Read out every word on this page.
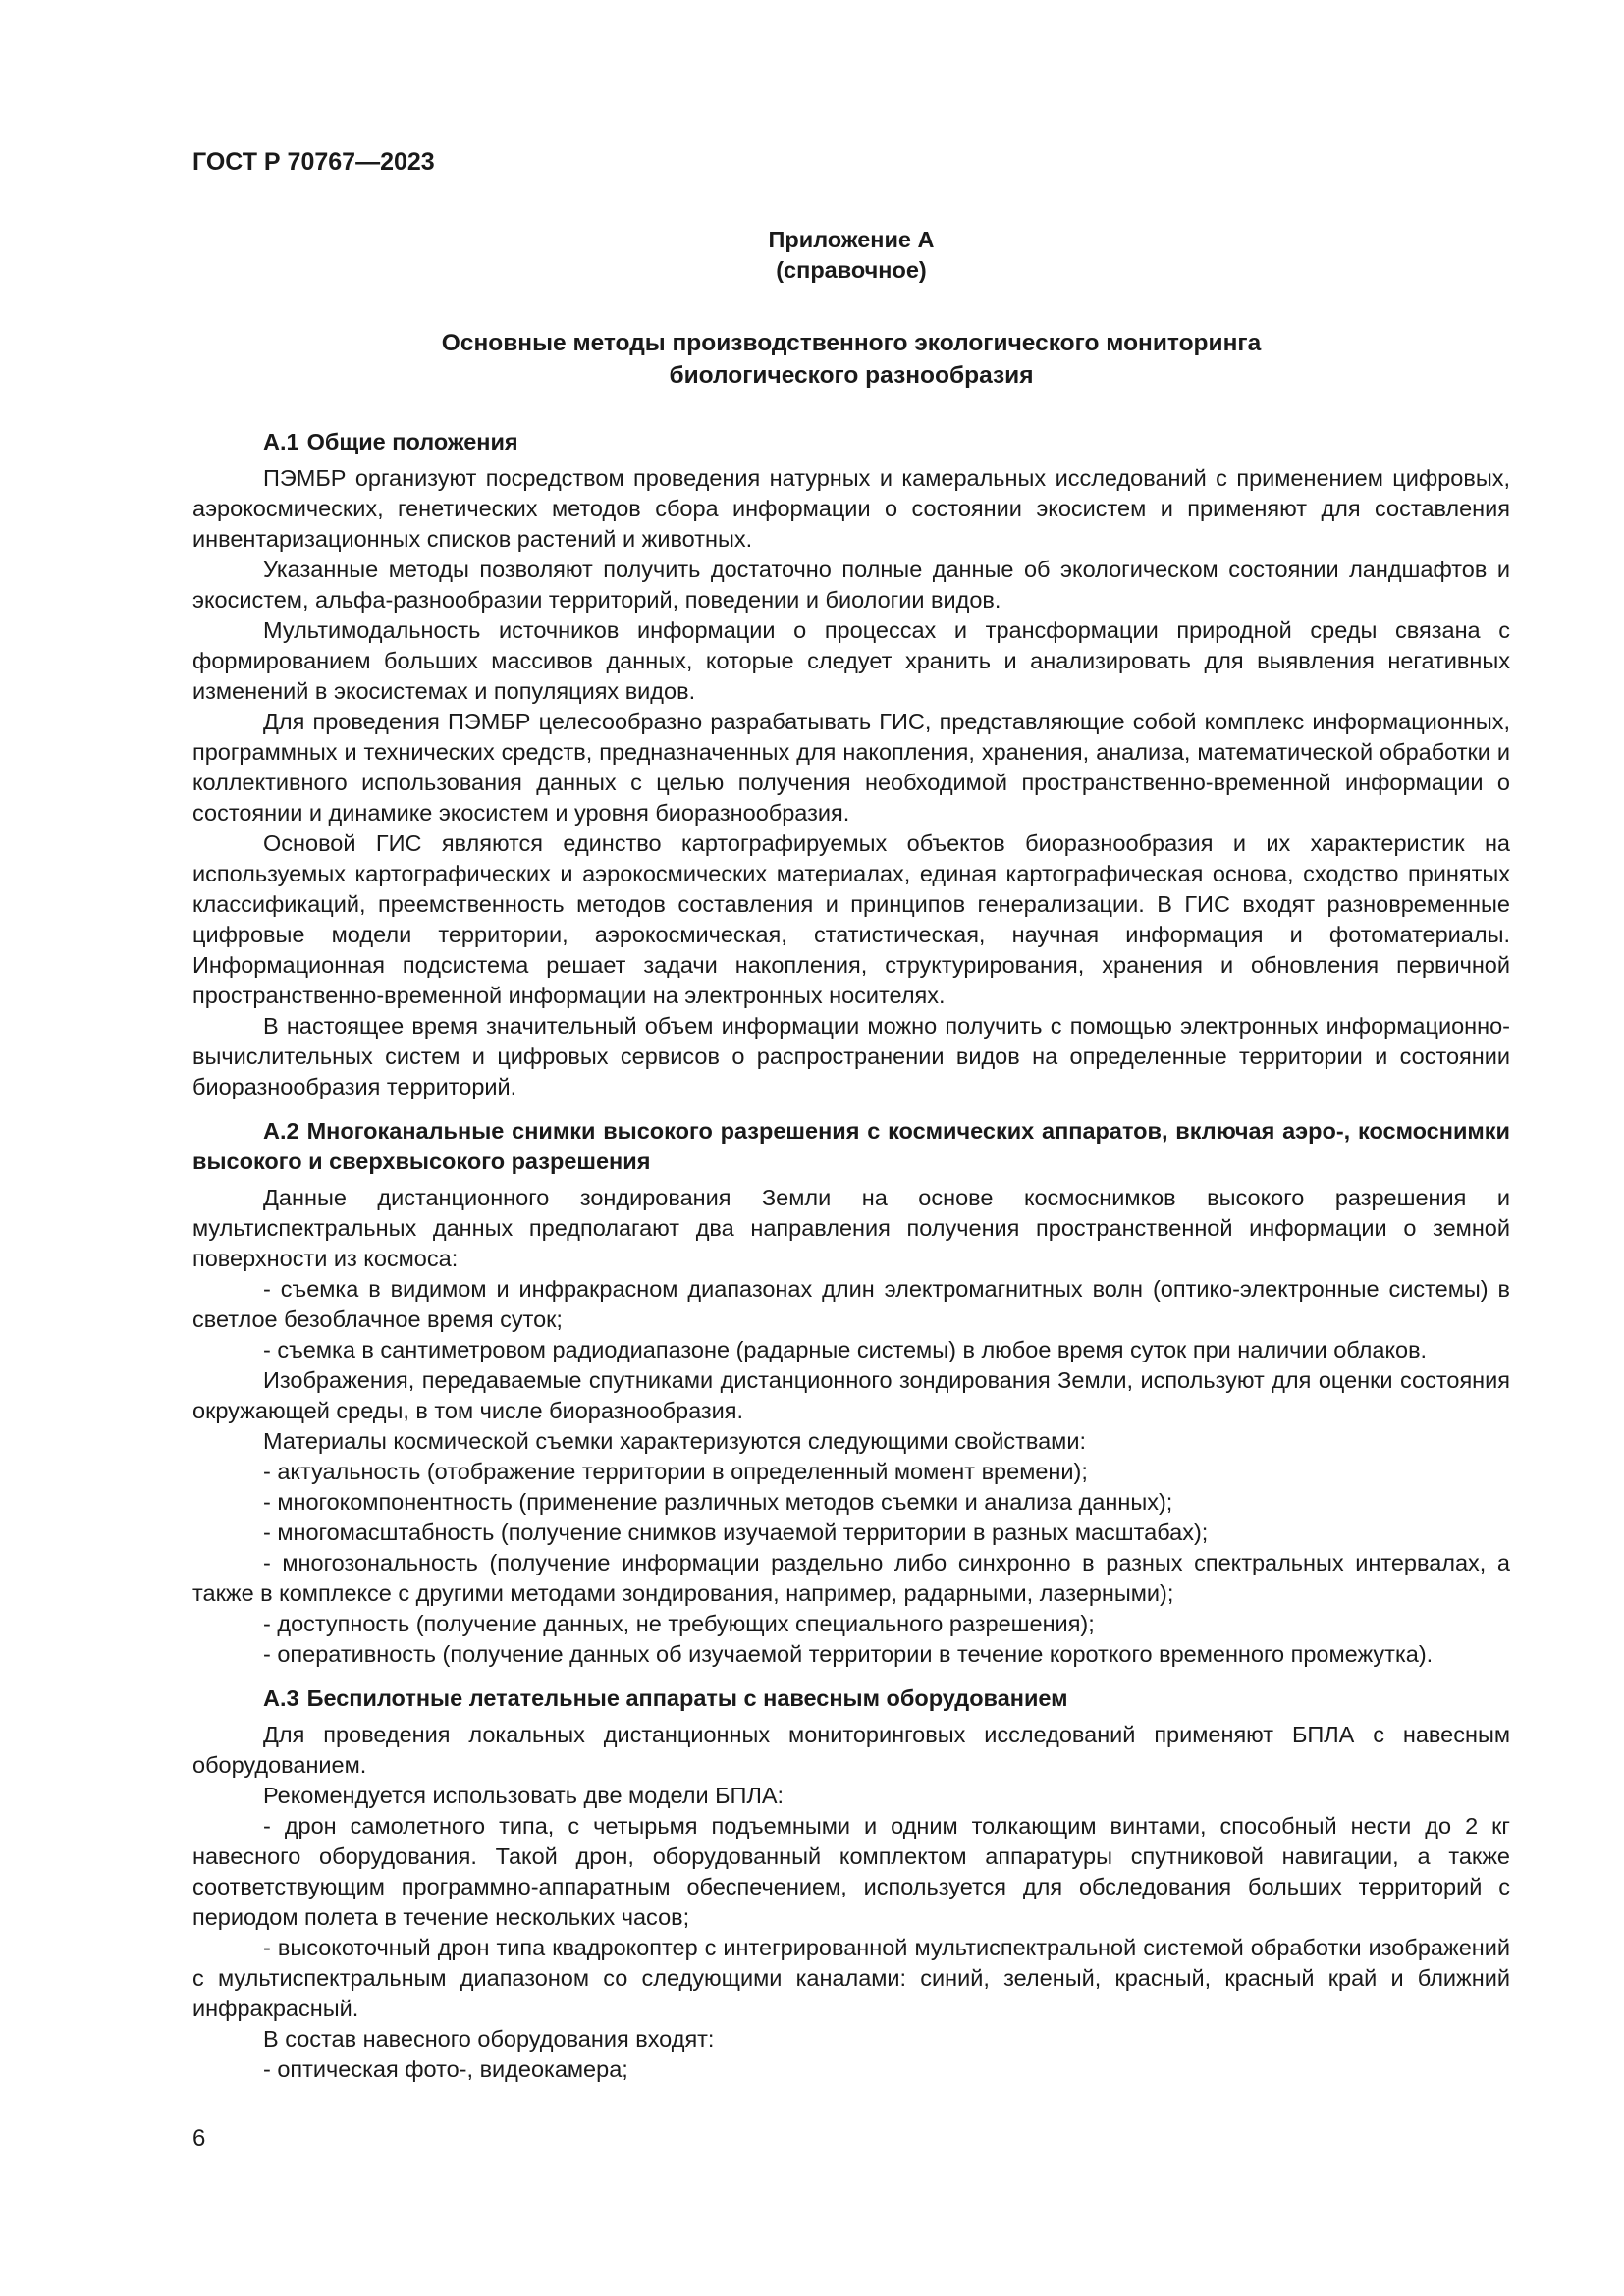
ГОСТ Р 70767—2023
Приложение А
(справочное)
Основные методы производственного экологического мониторинга
биологического разнообразия
А.1 Общие положения

ПЭМБР организуют посредством проведения натурных и камеральных исследований с применением цифровых, аэрокосмических, генетических методов сбора информации о состоянии экосистем и применяют для составления инвентаризационных списков растений и животных.

Указанные методы позволяют получить достаточно полные данные об экологическом состоянии ландшафтов и экосистем, альфа-разнообразии территорий, поведении и биологии видов.

Мультимодальность источников информации о процессах и трансформации природной среды связана с формированием больших массивов данных, которые следует хранить и анализировать для выявления негативных изменений в экосистемах и популяциях видов.

Для проведения ПЭМБР целесообразно разрабатывать ГИС, представляющие собой комплекс информационных, программных и технических средств, предназначенных для накопления, хранения, анализа, математической обработки и коллективного использования данных с целью получения необходимой пространственно-временной информации о состоянии и динамике экосистем и уровня биоразнообразия.

Основой ГИС являются единство картографируемых объектов биоразнообразия и их характеристик на используемых картографических и аэрокосмических материалах, единая картографическая основа, сходство принятых классификаций, преемственность методов составления и принципов генерализации. В ГИС входят разновременные цифровые модели территории, аэрокосмическая, статистическая, научная информация и фотоматериалы. Информационная подсистема решает задачи накопления, структурирования, хранения и обновления первичной пространственно-временной информации на электронных носителях.

В настоящее время значительный объем информации можно получить с помощью электронных информационно-вычислительных систем и цифровых сервисов о распространении видов на определенные территории и состоянии биоразнообразия территорий.

А.2 Многоканальные снимки высокого разрешения с космических аппаратов, включая аэро-, космоснимки высокого и сверхвысокого разрешения

Данные дистанционного зондирования Земли на основе космоснимков высокого разрешения и мультиспектральных данных предполагают два направления получения пространственной информации о земной поверхности из космоса:

- съемка в видимом и инфракрасном диапазонах длин электромагнитных волн (оптико-электронные системы) в светлое безоблачное время суток;

- съемка в сантиметровом радиодиапазоне (радарные системы) в любое время суток при наличии облаков.

Изображения, передаваемые спутниками дистанционного зондирования Земли, используют для оценки состояния окружающей среды, в том числе биоразнообразия.

Материалы космической съемки характеризуются следующими свойствами:

- актуальность (отображение территории в определенный момент времени);

- многокомпонентность (применение различных методов съемки и анализа данных);

- многомасштабность (получение снимков изучаемой территории в разных масштабах);

- многозональность (получение информации раздельно либо синхронно в разных спектральных интервалах, а также в комплексе с другими методами зондирования, например, радарными, лазерными);

- доступность (получение данных, не требующих специального разрешения);

- оперативность (получение данных об изучаемой территории в течение короткого временного промежутка).

А.3 Беспилотные летательные аппараты с навесным оборудованием

Для проведения локальных дистанционных мониторинговых исследований применяют БПЛА с навесным оборудованием.

Рекомендуется использовать две модели БПЛА:

- дрон самолетного типа, с четырьмя подъемными и одним толкающим винтами, способный нести до 2 кг навесного оборудования. Такой дрон, оборудованный комплектом аппаратуры спутниковой навигации, а также соответствующим программно-аппаратным обеспечением, используется для обследования больших территорий с периодом полета в течение нескольких часов;

- высокоточный дрон типа квадрокоптер с интегрированной мультиспектральной системой обработки изображений с мультиспектральным диапазоном со следующими каналами: синий, зеленый, красный, красный край и ближний инфракрасный.

В состав навесного оборудования входят:

- оптическая фото-, видеокамера;

6
